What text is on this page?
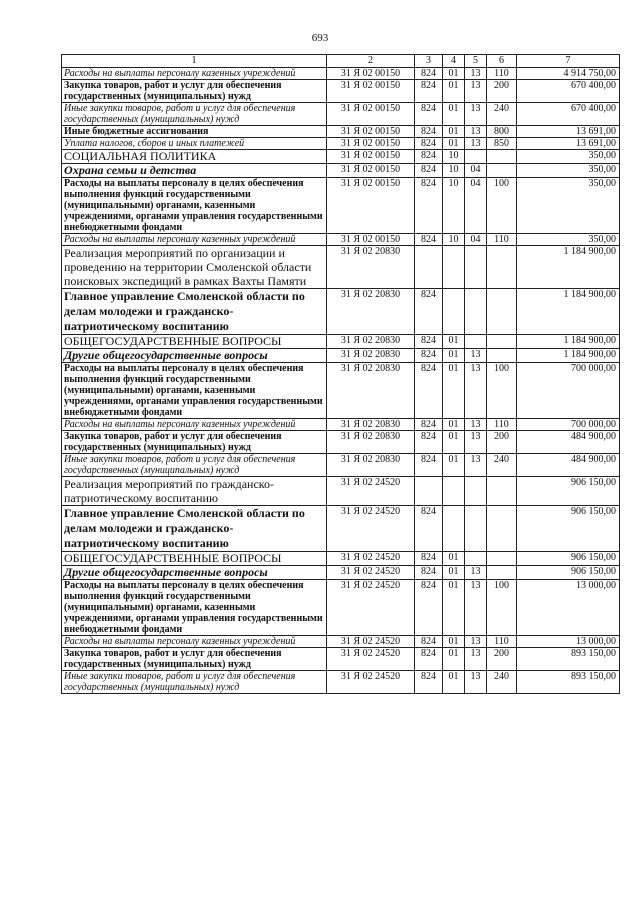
693
1	2	3	4	5	6	7
Расходы на выплаты персоналу казенных учреждений	31 Я 02 00150	824	01	13	110	4 914 750,00
Закупка товаров, работ и услуг для обеспечения государственных (муниципальных) нужд	31 Я 02 00150	824	01	13	200	670 400,00
Иные закупки товаров, работ и услуг для обеспечения государственных (муниципальных) нужд	31 Я 02 00150	824	01	13	240	670 400,00
Иные бюджетные ассигнования	31 Я 02 00150	824	01	13	800	13 691,00
Уплата налогов, сборов и иных платежей	31 Я 02 00150	824	01	13	850	13 691,00
СОЦИАЛЬНАЯ ПОЛИТИКА	31 Я 02 00150	824	10			350,00
Охрана семьи и детства	31 Я 02 00150	824	10	04		350,00
Расходы на выплаты персоналу в целях обеспечения выполнения функций государственными (муниципальными) органами, казенными учреждениями, органами управления государственными внебюджетными фондами	31 Я 02 00150	824	10	04	100	350,00
Расходы на выплаты персоналу казенных учреждений	31 Я 02 00150	824	10	04	110	350,00
Реализация мероприятий по организации и проведению на территории Смоленской области поисковых экспедиций в рамках Вахты Памяти	31 Я 02 20830					1 184 900,00
Главное управление Смоленской области по делам молодежи и гражданско-патриотическому воспитанию	31 Я 02 20830	824				1 184 900,00
ОБЩЕГОСУДАРСТВЕННЫЕ ВОПРОСЫ	31 Я 02 20830	824	01			1 184 900,00
Другие общегосударственные вопросы	31 Я 02 20830	824	01	13		1 184 900,00
Расходы на выплаты персоналу в целях обеспечения выполнения функций государственными (муниципальными) органами, казенными учреждениями, органами управления государственными внебюджетными фондами	31 Я 02 20830	824	01	13	100	700 000,00
Расходы на выплаты персоналу казенных учреждений	31 Я 02 20830	824	01	13	110	700 000,00
Закупка товаров, работ и услуг для обеспечения государственных (муниципальных) нужд	31 Я 02 20830	824	01	13	200	484 900,00
Иные закупки товаров, работ и услуг для обеспечения государственных (муниципальных) нужд	31 Я 02 20830	824	01	13	240	484 900,00
Реализация мероприятий по гражданско-патриотическому воспитанию	31 Я 02 24520					906 150,00
Главное управление Смоленской области по делам молодежи и гражданско-патриотическому воспитанию	31 Я 02 24520	824				906 150,00
ОБЩЕГОСУДАРСТВЕННЫЕ ВОПРОСЫ	31 Я 02 24520	824	01			906 150,00
Другие общегосударственные вопросы	31 Я 02 24520	824	01	13		906 150,00
Расходы на выплаты персоналу в целях обеспечения выполнения функций государственными (муниципальными) органами, казенными учреждениями, органами управления государственными внебюджетными фондами	31 Я 02 24520	824	01	13	100	13 000,00
Расходы на выплаты персоналу казенных учреждений	31 Я 02 24520	824	01	13	110	13 000,00
Закупка товаров, работ и услуг для обеспечения государственных (муниципальных) нужд	31 Я 02 24520	824	01	13	200	893 150,00
Иные закупки товаров, работ и услуг для обеспечения государственных (муниципальных) нужд	31 Я 02 24520	824	01	13	240	893 150,00
